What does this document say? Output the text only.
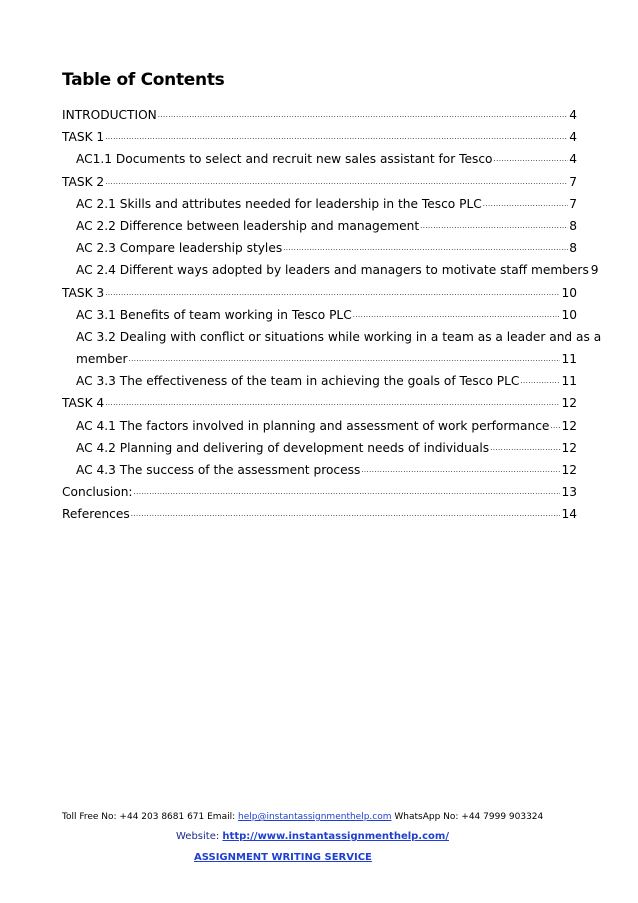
Table of Contents
INTRODUCTION ·····	4
TASK 1 ·····	4
AC1.1 Documents to select and recruit new sales assistant for Tesco ·····	4
TASK 2 ·····	7
AC 2.1 Skills and attributes needed for leadership in the Tesco PLC ·····	7
AC 2.2 Difference between leadership and management ·····	8
AC 2.3 Compare leadership styles ·····	8
AC 2.4 Different ways adopted by leaders and managers to motivate staff members 9
TASK 3 ·····	10
AC 3.1 Benefits of team working in Tesco PLC ·····	10
AC 3.2 Dealing with conflict or situations while working in a team as a leader and as a
member ·····	11
AC 3.3 The effectiveness of the team in achieving the goals of Tesco PLC ·····	11
TASK 4 ·····	12
AC 4.1 The factors involved in planning and assessment of work performance ····· 12
AC 4.2 Planning and delivering of development needs of individuals ·····	12
AC 4.3 The success of the assessment process ·····	12
Conclusion: ·····	13
References ·····	14
Toll Free No: +44 203 8681 671 Email: help@instantassignmenthelp.com WhatsApp No: +44 7999 903324
Website: http://www.instantassignmenthelp.com/
ASSIGNMENT WRITING SERVICE
